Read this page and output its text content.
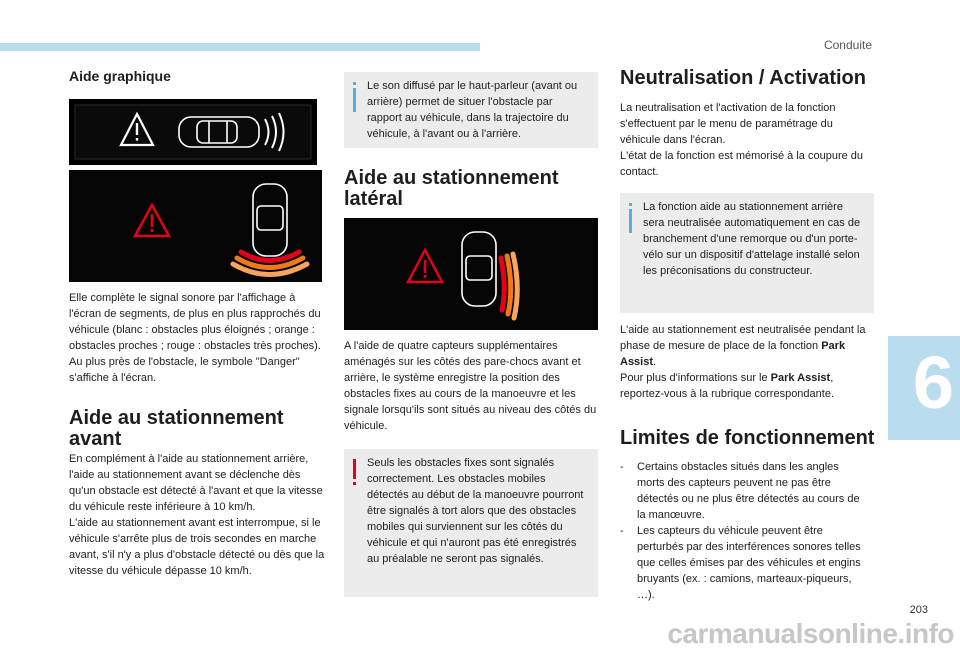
Conduite
6
203
carmanualsonline.info
Aide graphique

Elle complète le signal sonore par l'affichage à l'écran de segments, de plus en plus rapprochés du véhicule (blanc : obstacles plus éloignés ; orange : obstacles proches ; rouge : obstacles très proches).

Au plus près de l'obstacle, le symbole "Danger" s'affiche à l'écran.

Aide au stationnement avant

En complément à l'aide au stationnement arrière, l'aide au stationnement avant se déclenche dès qu'un obstacle est détecté à l'avant et que la vitesse du véhicule reste inférieure à 10 km/h.

L'aide au stationnement avant est interrompue, si le véhicule s'arrête plus de trois secondes en marche avant, s'il n'y a plus d'obstacle détecté ou dès que la vitesse du véhicule dépasse 10 km/h.

Le son diffusé par le haut-parleur (avant ou arrière) permet de situer l'obstacle par rapport au véhicule, dans la trajectoire du véhicule, à l'avant ou à l'arrière.
Aide au stationnement latéral
A l'aide de quatre capteurs supplémentaires aménagés sur les côtés des pare-chocs avant et arrière, le système enregistre la position des obstacles fixes au cours de la manoeuvre et les signale lorsqu'ils sont situés au niveau des côtés du véhicule.
Seuls les obstacles fixes sont signalés correctement. Les obstacles mobiles détectés au début de la manoeuvre pourront être signalés à tort alors que des obstacles mobiles qui surviennent sur les côtés du véhicule et qui n'auront pas été enregistrés au préalable ne seront pas signalés.
Neutralisation / Activation

La neutralisation et l'activation de la fonction s'effectuent par le menu de paramétrage du véhicule dans l'écran.

L'état de la fonction est mémorisé à la coupure du contact.

La fonction aide au stationnement arrière sera neutralisée automatiquement en cas de branchement d'une remorque ou d'un porte-vélo sur un dispositif d'attelage installé selon les préconisations du constructeur.

L'aide au stationnement est neutralisée pendant la phase de mesure de place de la fonction Park Assist.

Pour plus d'informations sur le Park Assist, reportez-vous à la rubrique correspondante.

Limites de fonctionnement
- Certains obstacles situés dans les angles morts des capteurs peuvent ne pas être détectés ou ne plus être détectés au cours de la manœuvre.
- Les capteurs du véhicule peuvent être perturbés par des interférences sonores telles que celles émises par des véhicules et engins bruyants (ex. : camions, marteaux-piqueurs, …).
